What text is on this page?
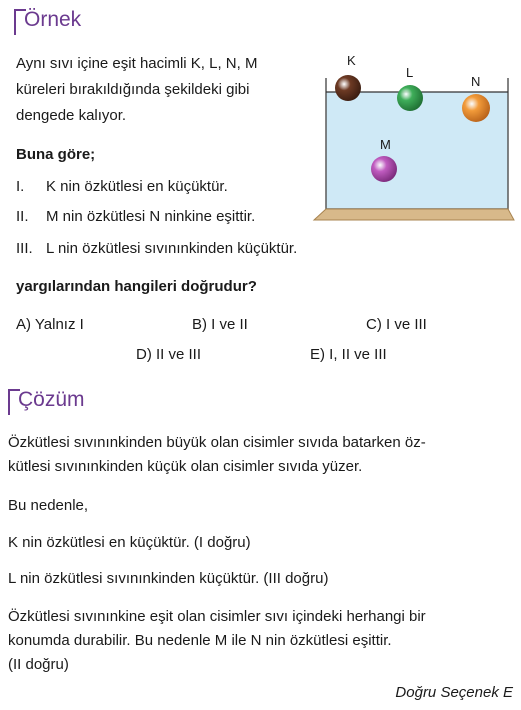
Örnek
Aynı sıvı içine eşit hacimli K, L, N, M
küreleri bırakıldığında şekildeki gibi
dengede kalıyor.
Buna göre;
I. K nin özkütlesi en küçüktür.
II. M nin özkütlesi N ninkine eşittir.
III. L nin özkütlesi sıvınınkinden küçüktür.
yargılarından hangileri doğrudur?
A) Yalnız I	B) I ve II	C) I ve III
D) II ve III	E) I, II ve III
K
L
N
M
Çözüm
Özkütlesi sıvınınkinden büyük olan cisimler sıvıda batarken öz-
kütlesi sıvınınkinden küçük olan cisimler sıvıda yüzer.
Bu nedenle,
K nin özkütlesi en küçüktür. (I doğru)
L nin özkütlesi sıvınınkinden küçüktür. (III doğru)
Özkütlesi sıvınınkine eşit olan cisimler sıvı içindeki herhangi bir
konumda durabilir. Bu nedenle M ile N nin özkütlesi eşittir.
(II doğru)
Doğru Seçenek E
